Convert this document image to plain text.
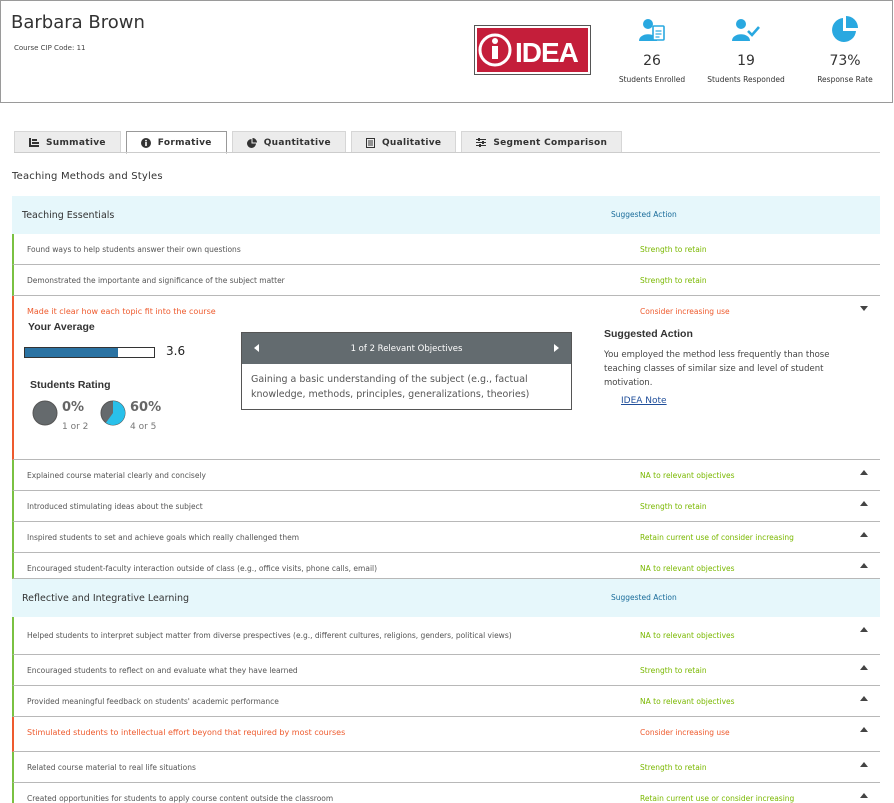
Barbara Brown
Course CIP Code: 11	IDEA	26
Students Enrolled
19
Students Responded
73%
Response Rate
Summative	Formative	Quantitative	Qualitative	Segment Comparison
Teaching Methods and Styles
Teaching Essentials	Suggested Action
Found ways to help students answer their own questions	Strength to retain
Demonstrated the importante and significance of the subject matter	Strength to retain
Made it clear how each topic fit into the course	Consider increasing use
Your Average
3.6
Students Rating
0%
1 or 2
60%
4 or 5
1 of 2 Relevant Objectives
Gaining a basic understanding of the subject (e.g., factual knowledge, methods, principles, generalizations, theories)
Suggested Action
You employed the method less frequently than those teaching classes of similar size and level of student motivation.
IDEA Note
Explained course material clearly and concisely	NA to relevant objectives
Introduced stimulating ideas about the subject	Strength to retain
Inspired students to set and achieve goals which really challenged them	Retain current use of consider increasing
Encouraged student-faculty interaction outside of class (e.g., office visits, phone calls, email)	NA to relevant objectives
Reflective and Integrative Learning	Suggested Action
Helped students to interpret subject matter from diverse prespectives (e.g., different cultures, religions, genders, political views)	NA to relevant objectives
Encouraged students to reflect on and evaluate what they have learned	Strength to retain
Provided meaningful feedback on students' academic performance	NA to relevant objectives
Stimulated students to intellectual effort beyond that required by most courses	Consider increasing use
Related course material to real life situations	Strength to retain
Created opportunities for students to apply course content outside the classroom	Retain current use or consider increasing
